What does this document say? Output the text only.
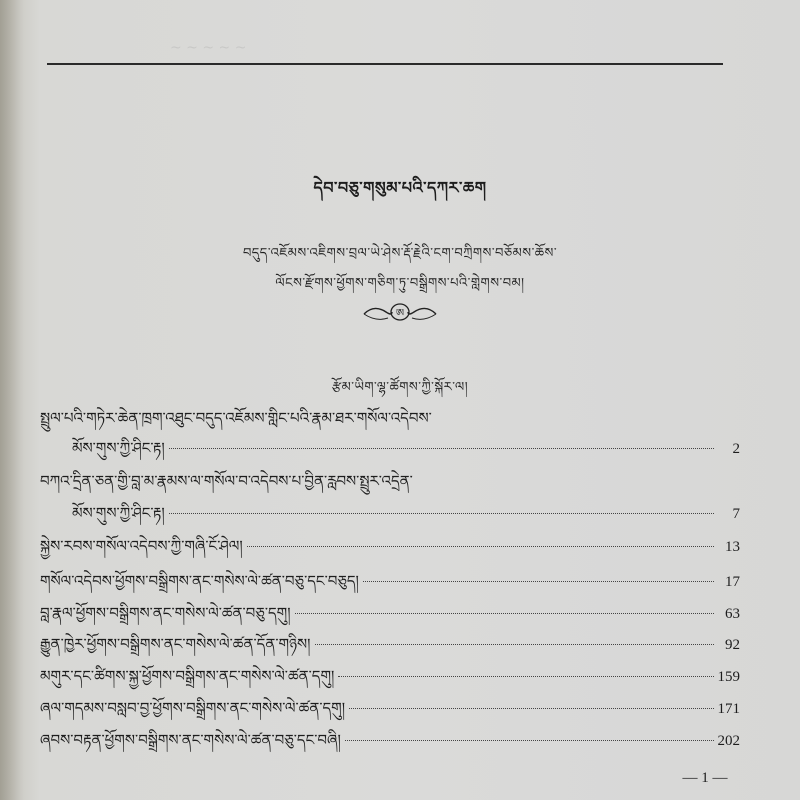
~ ~ ~ ~ ~
དེབ་བཅུ་གསུམ་པའི་དཀར་ཆག
བདུད་འཇོམས་འཇིགས་བྲལ་ཡེ་ཤེས་རྡོ་རྗེའི་ངག་བཀྲིགས་བཅོམས་ཆོས་
ལོངས་རྫོགས་ཕྱོགས་གཅིག་ཏུ་བསྒྲིགས་པའི་གླེགས་བམ།
ཨ
རྩོམ་ཡིག་ལྷ་ཚོགས་ཀྱི་སྐོར་ལ།
སྤྲུལ་པའི་གཏེར་ཆེན་ཁྲག་འཐུང་བདུད་འཇོམས་གླིང་པའི་རྣམ་ཐར་གསོལ་འདེབས་
མོས་གུས་ཀྱི་ཤིང་རྟ།	2
བཀའ་དྲིན་ཅན་གྱི་བླ་མ་རྣམས་ལ་གསོལ་བ་འདེབས་པ་བྱིན་རླབས་སྤྲུར་འདྲེན་
མོས་གུས་ཀྱི་ཤིང་རྟ།	7
སྐྱེས་རབས་གསོལ་འདེབས་ཀྱི་གཞི་ངོ་ཤེལ།	13
གསོལ་འདེབས་ཕྱོགས་བསྒྲིགས་ནང་གསེས་ལེ་ཚན་བཅུ་དང་བཅུད།	17
བླ་རྣལ་ཕྱོགས་བསྒྲིགས་ནང་གསེས་ལེ་ཚན་བཅུ་དགུ།	63
རྒྱུན་ཁྱེར་ཕྱོགས་བསྒྲིགས་ནང་གསེས་ལེ་ཚན་དོན་གཉིས།	92
མགུར་དང་ཚིགས་སྐྱ་ཕྱོགས་བསྒྲིགས་ནང་གསེས་ལེ་ཚན་དགུ།	159
ཞལ་གདམས་བསླབ་བྱ་ཕྱོགས་བསྒྲིགས་ནང་གསེས་ལེ་ཚན་དགུ།	171
ཞབས་བརྟན་ཕྱོགས་བསྒྲིགས་ནང་གསེས་ལེ་ཚན་བཅུ་དང་བཞི།	202
— 1 —
